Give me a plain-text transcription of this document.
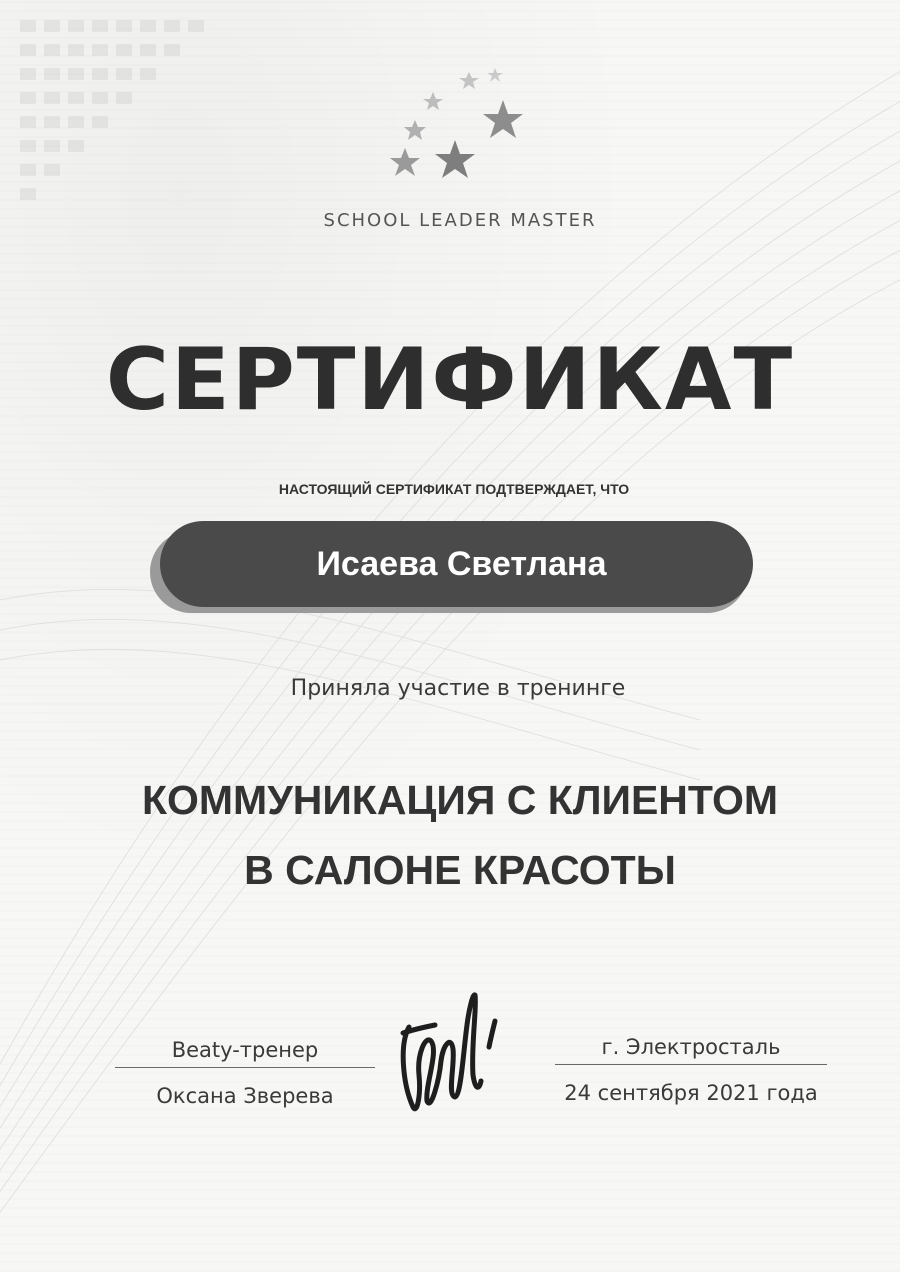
SCHOOL LEADER MASTER
СЕРТИФИКАТ
НАСТОЯЩИЙ СЕРТИФИКАТ ПОДТВЕРЖДАЕТ, ЧТО
Исаева Светлана
Приняла участие в тренинге
КОММУНИКАЦИЯ С КЛИЕНТОМ
В САЛОНЕ КРАСОТЫ
Beaty-тренер
Оксана Зверева
г. Электросталь
24 сентября 2021 года
